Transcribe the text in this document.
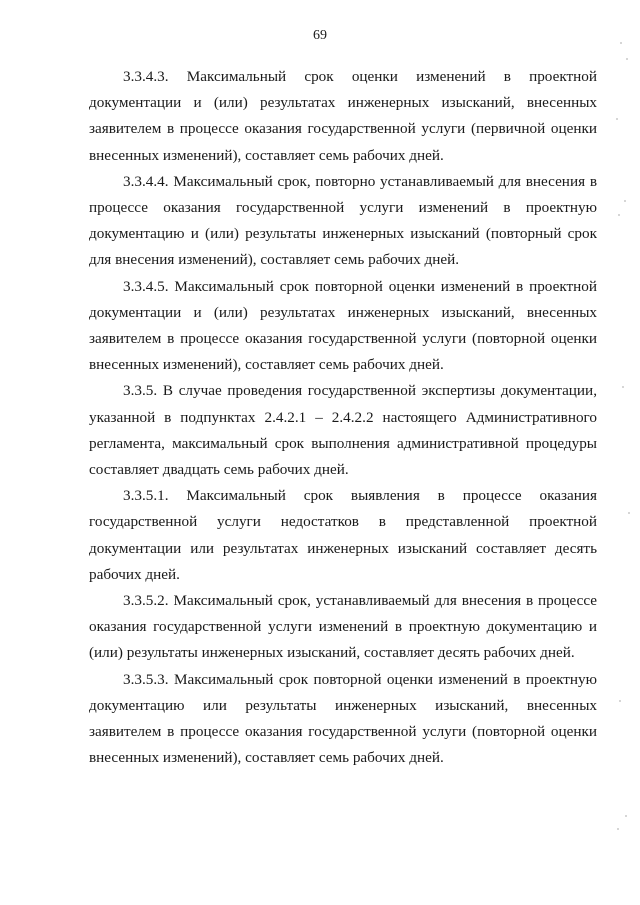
69

3.3.4.3. Максимальный срок оценки изменений в проектной документации и (или) результатах инженерных изысканий, внесенных заявителем в процессе оказания государственной услуги (первичной оценки внесенных изменений), составляет семь рабочих дней.

3.3.4.4. Максимальный срок, повторно устанавливаемый для внесения в процессе оказания государственной услуги изменений в проектную документацию и (или) результаты инженерных изысканий (повторный срок для внесения изменений), составляет семь рабочих дней.

3.3.4.5. Максимальный срок повторной оценки изменений в проектной документации и (или) результатах инженерных изысканий, внесенных заявителем в процессе оказания государственной услуги (повторной оценки внесенных изменений), составляет семь рабочих дней.

3.3.5. В случае проведения государственной экспертизы документации, указанной в подпунктах 2.4.2.1 – 2.4.2.2 настоящего Административного регламента, максимальный срок выполнения административной процедуры составляет двадцать семь рабочих дней.

3.3.5.1. Максимальный срок выявления в процессе оказания государственной услуги недостатков в представленной проектной документации или результатах инженерных изысканий составляет десять рабочих дней.

3.3.5.2. Максимальный срок, устанавливаемый для внесения в процессе оказания государственной услуги изменений в проектную документацию и (или) результаты инженерных изысканий, составляет десять рабочих дней.

3.3.5.3. Максимальный срок повторной оценки изменений в проектную документацию или результаты инженерных изысканий, внесенных заявителем в процессе оказания государственной услуги (повторной оценки внесенных изменений), составляет семь рабочих дней.
